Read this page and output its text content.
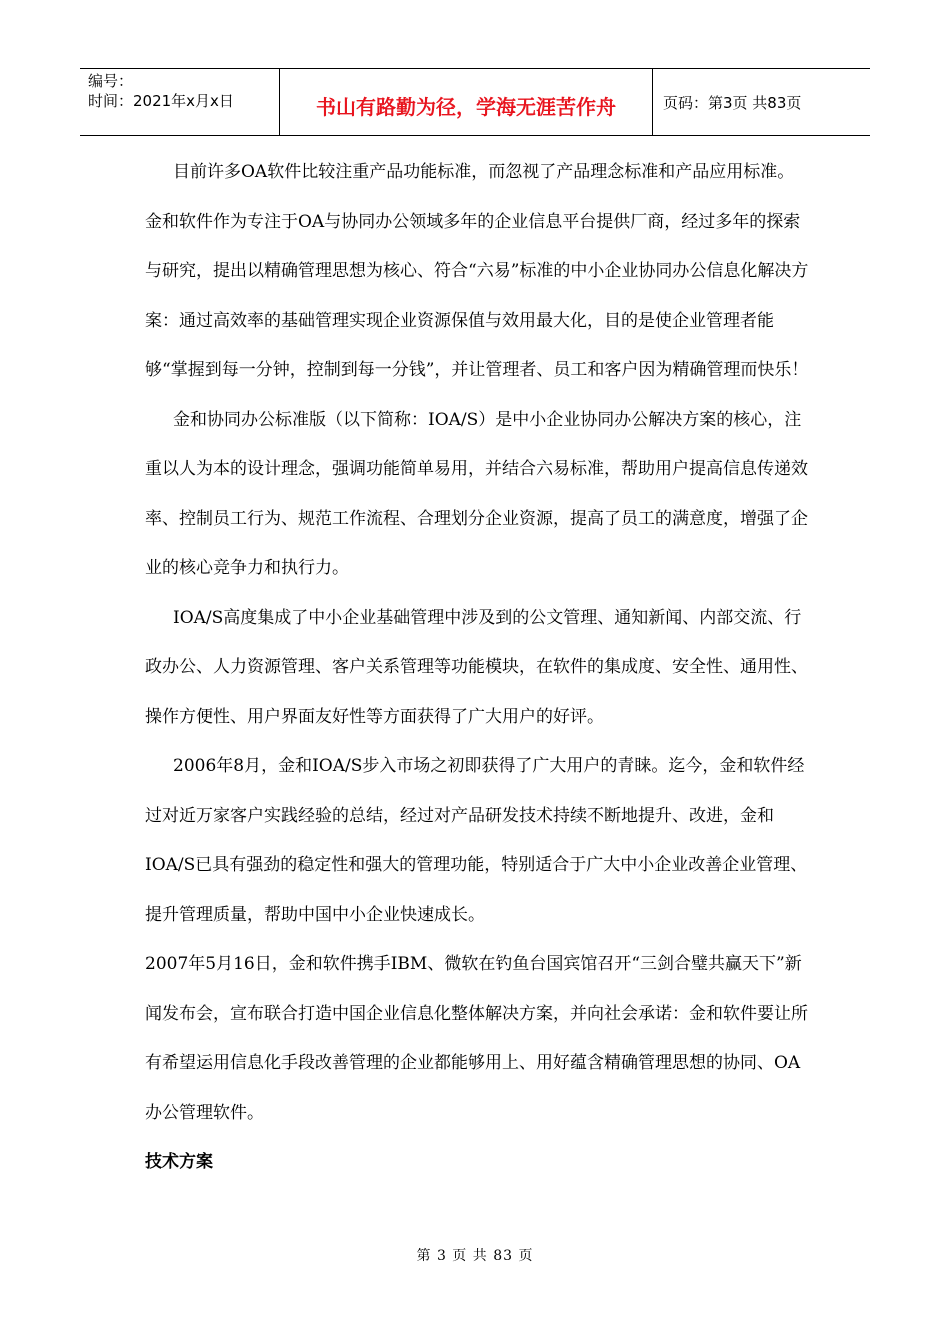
编号：
时间：2021年x月x日	书山有路勤为径，学海无涯苦作舟	页码：第3页 共83页

目前许多OA软件比较注重产品功能标准，而忽视了产品理念标准和产品应用标准。金和软件作为专注于OA与协同办公领域多年的企业信息平台提供厂商，经过多年的探索与研究，提出以精确管理思想为核心、符合“六易”标准的中小企业协同办公信息化解决方案：通过高效率的基础管理实现企业资源保值与效用最大化，目的是使企业管理者能够“掌握到每一分钟，控制到每一分钱”，并让管理者、员工和客户因为精确管理而快乐！

金和协同办公标准版（以下简称：IOA/S）是中小企业协同办公解决方案的核心，注重以人为本的设计理念，强调功能简单易用，并结合六易标准，帮助用户提高信息传递效率、控制员工行为、规范工作流程、合理划分企业资源，提高了员工的满意度，增强了企业的核心竞争力和执行力。

IOA/S高度集成了中小企业基础管理中涉及到的公文管理、通知新闻、内部交流、行政办公、人力资源管理、客户关系管理等功能模块，在软件的集成度、安全性、通用性、操作方便性、用户界面友好性等方面获得了广大用户的好评。

2006年8月，金和IOA/S步入市场之初即获得了广大用户的青睐。迄今，金和软件经过对近万家客户实践经验的总结，经过对产品研发技术持续不断地提升、改进，金和IOA/S已具有强劲的稳定性和强大的管理功能，特别适合于广大中小企业改善企业管理、提升管理质量，帮助中国中小企业快速成长。

2007年5月16日，金和软件携手IBM、微软在钓鱼台国宾馆召开“三剑合璧共赢天下”新闻发布会，宣布联合打造中国企业信息化整体解决方案，并向社会承诺：金和软件要让所有希望运用信息化手段改善管理的企业都能够用上、用好蕴含精确管理思想的协同、OA办公管理软件。

技术方案

第 3 页 共 83 页
